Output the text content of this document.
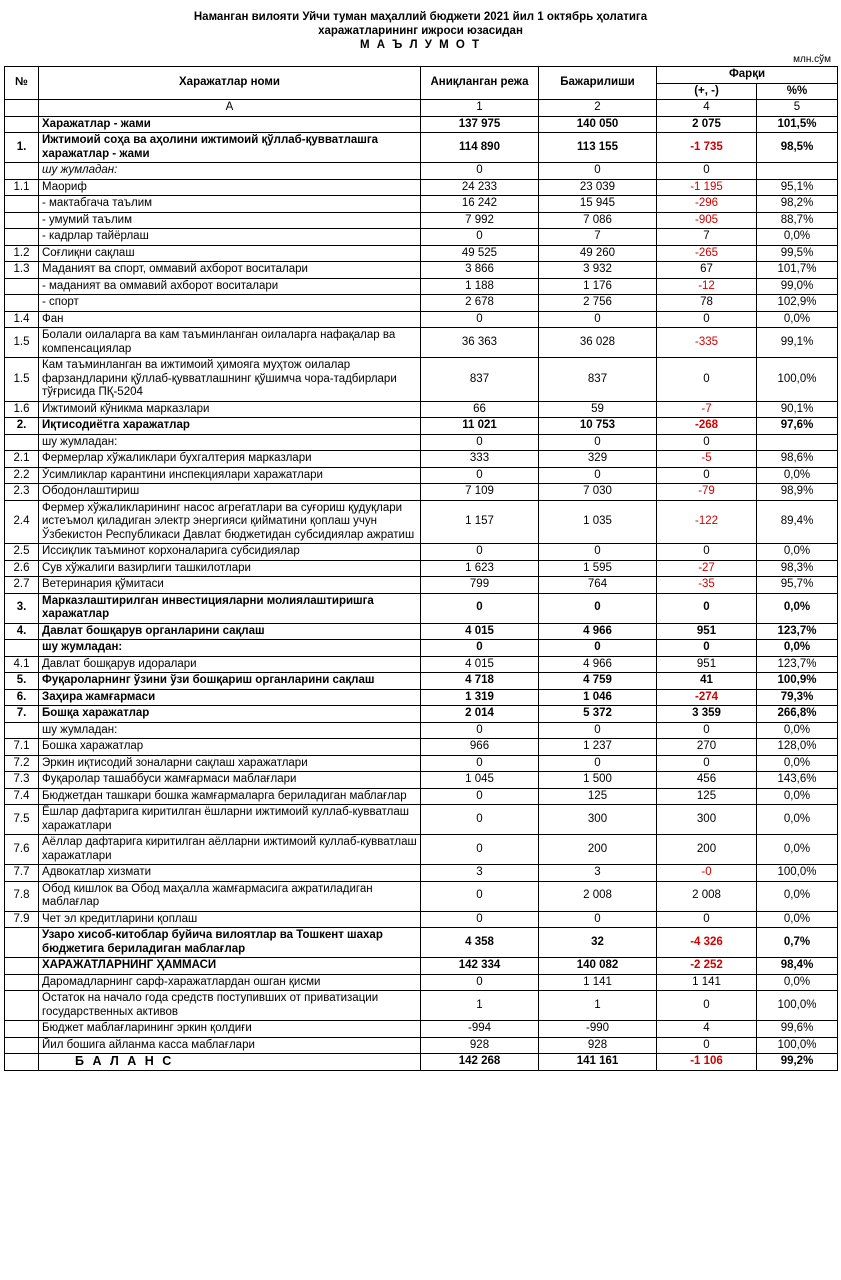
Наманган вилояти Уйчи туман маҳаллий бюджети 2021 йил 1 октябрь ҳолатига
харажатларининг ижроси юзасидан
М А Ъ Л У М О Т
млн.сўм
№	Харажатлар номи	Аниқланган режа	Бажарилиши	Фарқи	
				(+, -)	%%
	А	1	2	4	5
	Харажатлар - жами	137 975	140 050	2 075	101,5%
1.	Ижтимоий соҳа ва аҳолини ижтимоий қўллаб-қувватлашга харажатлар - жами	114 890	113 155	-1 735	98,5%
	шу жумладан:	0	0	0	
1.1	Маориф	24 233	23 039	-1 195	95,1%
	- мактабгача таълим	16 242	15 945	-296	98,2%
	- умумий таълим	7 992	7 086	-905	88,7%
	- кадрлар тайёрлаш	0	7	7	0,0%
1.2	Соғлиқни сақлаш	49 525	49 260	-265	99,5%
1.3	Маданият ва спорт, оммавий ахборот воситалари	3 866	3 932	67	101,7%
	- маданият ва оммавий ахборот воситалари	1 188	1 176	-12	99,0%
	- спорт	2 678	2 756	78	102,9%
1.4	Фан	0	0	0	0,0%
1.5	Болали оилаларга ва кам таъминланган оилаларга нафақалар ва компенсациялар	36 363	36 028	-335	99,1%
1.5	Кам таъминланган ва ижтимоий ҳимояга муҳтож оилалар фарзандларини қўллаб-қувватлашнинг қўшимча чора-тадбирлари тўғрисида ПҚ-5204	837	837	0	100,0%
1.6	Ижтимоий кўникма марказлари	66	59	-7	90,1%
2.	Иқтисодиётга харажатлар	11 021	10 753	-268	97,6%
	шу жумладан:	0	0	0	
2.1	Фермерлар хўжаликлари бухгалтерия марказлари	333	329	-5	98,6%
2.2	Ўсимликлар карантини инспекциялари харажатлари	0	0	0	0,0%
2.3	Ободонлаштириш	7 109	7 030	-79	98,9%
2.4	Фермер хўжаликларининг насос агрегатлари ва суғориш қудуқлари истеъмол қиладиган электр энергияси қийматини қоплаш учун Ўзбекистон Республикаси Давлат бюджетидан субсидиялар ажратиш	1 157	1 035	-122	89,4%
2.5	Иссиқлик таъминот корхоналарига субсидиялар	0	0	0	0,0%
2.6	Сув хўжалиги вазирлиги ташкилотлари	1 623	1 595	-27	98,3%
2.7	Ветеринария қўмитаси	799	764	-35	95,7%
3.	Марказлаштирилган инвестицияларни молиялаштиришга харажатлар	0	0	0	0,0%
4.	Давлат бошқарув органларини сақлаш	4 015	4 966	951	123,7%
	шу жумладан:	0	0	0	0,0%
4.1	Давлат бошқарув идоралари	4 015	4 966	951	123,7%
5.	Фуқароларнинг ўзини ўзи бошқариш органларини сақлаш	4 718	4 759	41	100,9%
6.	Заҳира жамғармаси	1 319	1 046	-274	79,3%
7.	Бошқа харажатлар	2 014	5 372	3 359	266,8%
	шу жумладан:	0	0	0	0,0%
7.1	Бошка харажатлар	966	1 237	270	128,0%
7.2	Эркин иқтисодий зоналарни сақлаш харажатлари	0	0	0	0,0%
7.3	Фуқаролар ташаббуси жамғармаси маблағлари	1 045	1 500	456	143,6%
7.4	Бюджетдан ташкари бошка жамғармаларга бериладиган маблағлар	0	125	125	0,0%
7.5	Ёшлар дафтарига киритилган ёшларни ижтимоий куллаб-кувватлаш харажатлари	0	300	300	0,0%
7.6	Аёллар дафтарига киритилган аёлларни ижтимоий куллаб-кувватлаш харажатлари	0	200	200	0,0%
7.7	Адвокатлар хизмати	3	3	-0	100,0%
7.8	Обод кишлок ва Обод маҳалла жамғармасига ажратиладиган маблағлар	0	2 008	2 008	0,0%
7.9	Чет эл кредитларини қоплаш	0	0	0	0,0%
	Узаро хисоб-китоблар буйича вилоятлар ва Тошкент шахар бюджетига бериладиган маблағлар	4 358	32	-4 326	0,7%
	ХАРАЖАТЛАРНИНГ ҲАММАСИ	142 334	140 082	-2 252	98,4%
	Даромадларнинг сарф-харажатлардан ошган қисми	0	1 141	1 141	0,0%
	Остаток на начало года средств поступивших от приватизации государственных активов	1	1	0	100,0%
	Бюджет маблағларининг эркин қолдиғи	-994	-990	4	99,6%
	Йил бошига айланма касса маблағлари	928	928	0	100,0%
	Б А Л А Н С	142 268	141 161	-1 106	99,2%
